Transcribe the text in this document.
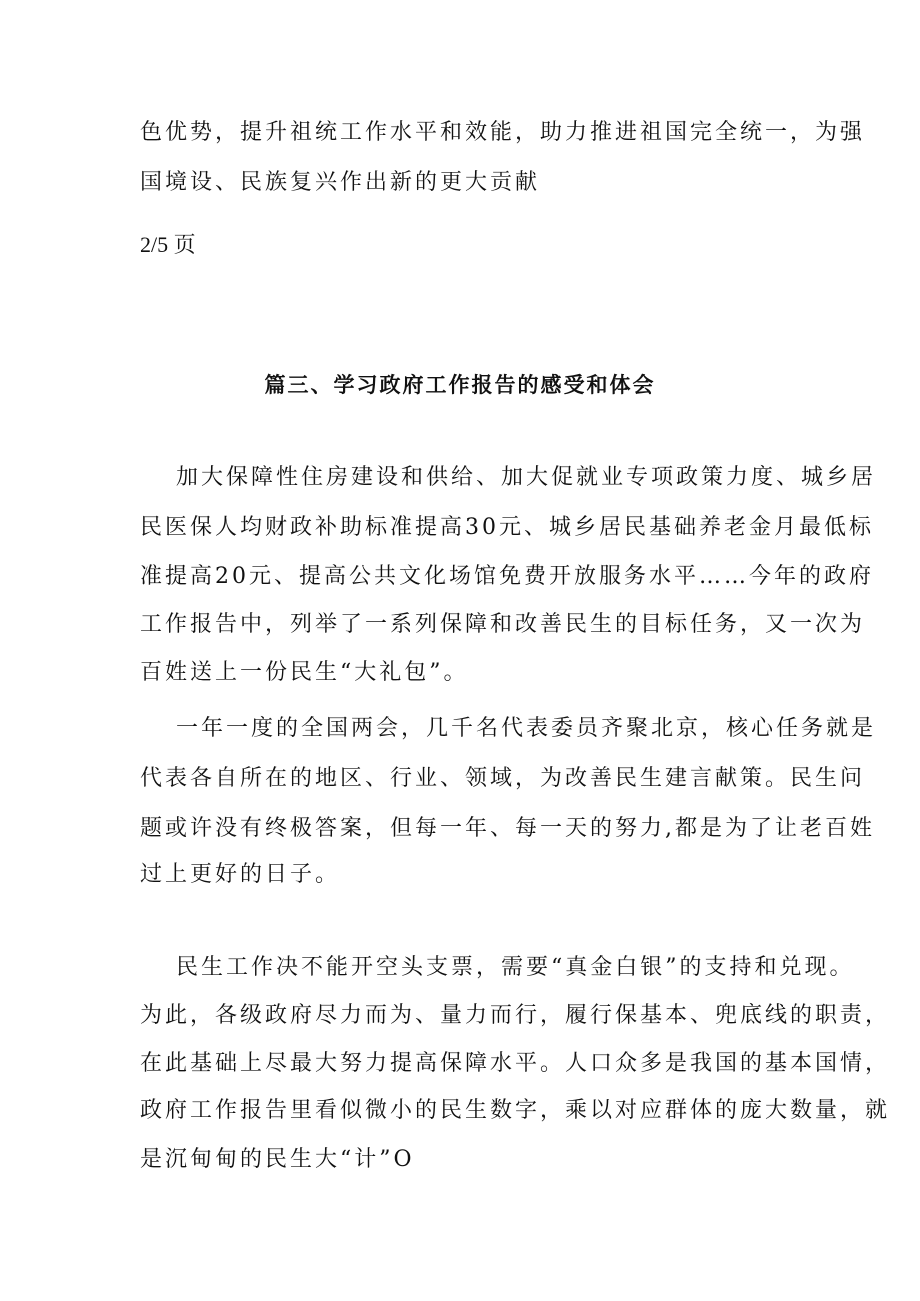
色优势，提升祖统工作水平和效能，助力推进祖国完全统一，为强
国境设、民族复兴作出新的更大贡献
2/5 页
篇三、学习政府工作报告的感受和体会
加大保障性住房建设和供给、加大促就业专项政策力度、城乡居
民医保人均财政补助标准提高30元、城乡居民基础养老金月最低标
准提高20元、提高公共文化场馆免费开放服务水平……今年的政府
工作报告中，列举了一系列保障和改善民生的目标任务，又一次为
百姓送上一份民生“大礼包”。
一年一度的全国两会，几千名代表委员齐聚北京，核心任务就是
代表各自所在的地区、行业、领域，为改善民生建言献策。民生问
题或许没有终极答案，但每一年、每一天的努力,都是为了让老百姓
过上更好的日子。
民生工作决不能开空头支票，需要“真金白银”的支持和兑现。
为此，各级政府尽力而为、量力而行，履行保基本、兜底线的职责，
在此基础上尽最大努力提高保障水平。人口众多是我国的基本国情，
政府工作报告里看似微小的民生数字，乘以对应群体的庞大数量，就
是沉甸甸的民生大“计”O
